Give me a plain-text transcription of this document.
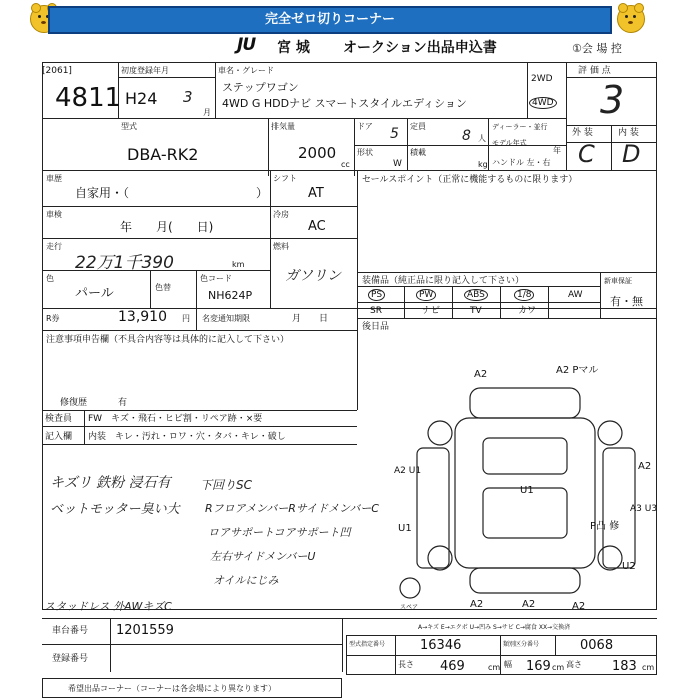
完全ゼロ切りコーナー
JU 宮 城 オークション出品申込書	①会 場 控
[2061]
4811
初度登録年月
H24 3
月
車名・グレード
ステップワゴン
4WD G HDDナビ スマートスタイルエディション
2WD
4WD
評 価 点
3
外 装	内 装
C D
型式
DBA-RK2
排気量
2000
cc
ドア 5 定員
8 人
形状
W
積載
kg
ディーラー・並行
モデル年式
年
ハンドル 左・右
車歴
自家用・（	）
シフト
AT
車検
年　　月(　　日)
冷房
AC
走行
22万1千390	km
燃料
ガソリン
色
パール	色替
色コード
NH624P
R券	13,910 円 名変通知期限	月　　日
セールスポイント（正常に機能するものに限ります）
装備品（純正品に限り記入して下さい）	新車保証
有・無
PS	PW	ABS	1/8	AW
SR	ナビ	TV	カワ
後日品
注意事項申告欄（不具合内容等は具体的に記入して下さい）
修復歴	有
検査員 FW　キズ・飛石・ヒビ割・リペア跡・×要
記入欄 内装　キレ・汚れ・ロワ・穴・タバ・キレ・破し
キズリ 鉄粉 浸石有
ベットモッター臭い大
下回りSC
RフロアメンバーRサイドメンバーC
ロアサポートコアサポート凹
左右サイドメンバーU
オイルにじみ
スタッドレス 外AWキズC
A2	A2 Pマル
A2 U1
U1
A2
A3 U3
P凸 修
U2
U1
A2	A2	A2
スペア
A→キズ E→エクボ U→凹み S→サビ C→腐食 XX→交換済
車台番号 1201559
登録番号
型式指定番号	16346	類別区分番号	0068
長さ 469	cm 幅 169 cm 高さ 183 cm
希望出品コーナー（コーナーは各会場により異なります）
